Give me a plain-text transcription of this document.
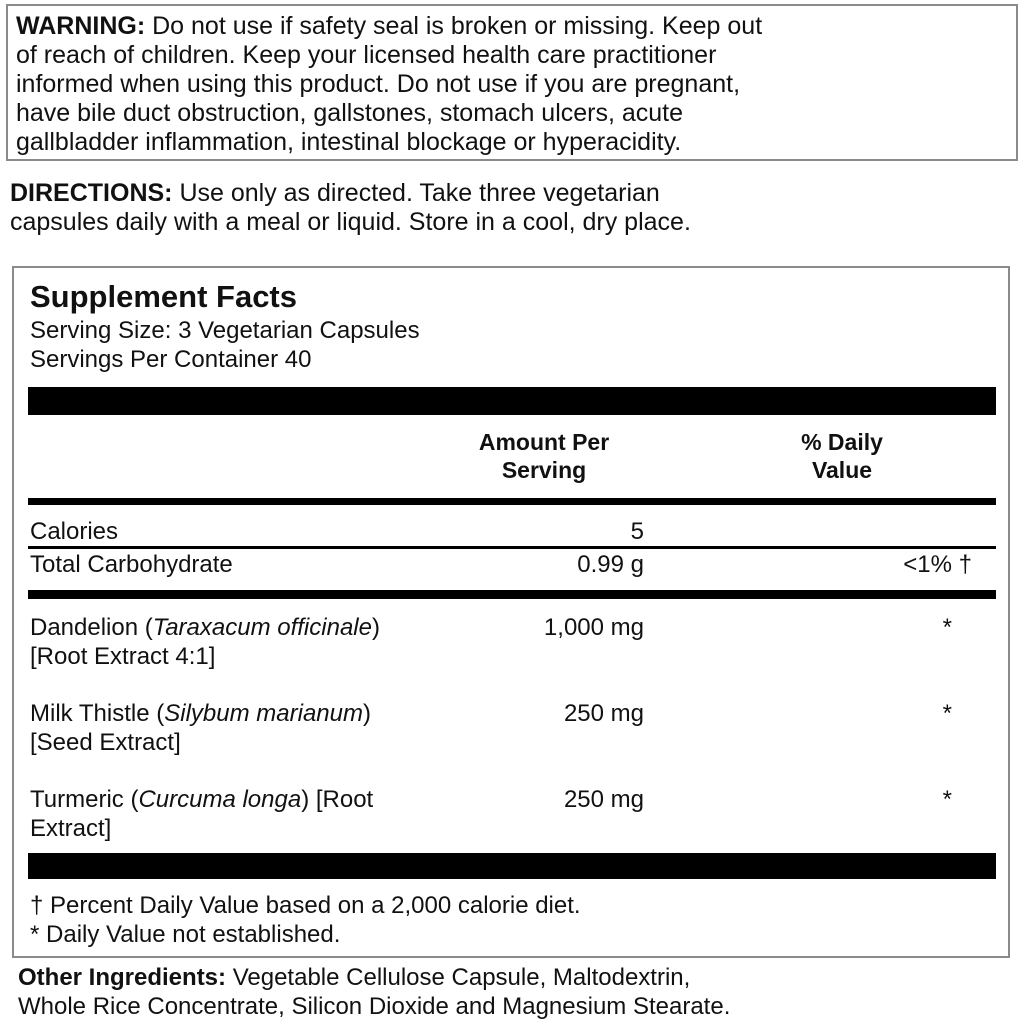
WARNING: Do not use if safety seal is broken or missing. Keep out
of reach of children. Keep your licensed health care practitioner
informed when using this product. Do not use if you are pregnant,
have bile duct obstruction, gallstones, stomach ulcers, acute
gallbladder inflammation, intestinal blockage or hyperacidity.
DIRECTIONS: Use only as directed. Take three vegetarian
capsules daily with a meal or liquid. Store in a cool, dry place.
Supplement Facts
Serving Size: 3 Vegetarian Capsules
Servings Per Container 40
Amount Per
Serving
% Daily
Value
Calories	5
Total Carbohydrate	0.99 g	<1% †
Dandelion (Taraxacum officinale) [Root Extract 4:1]
1,000 mg	*
Milk Thistle (Silybum marianum) [Seed Extract]
250 mg	*
Turmeric (Curcuma longa) [Root Extract]
250 mg	*
† Percent Daily Value based on a 2,000 calorie diet.
* Daily Value not established.
Other Ingredients: Vegetable Cellulose Capsule, Maltodextrin,
Whole Rice Concentrate, Silicon Dioxide and Magnesium Stearate.
